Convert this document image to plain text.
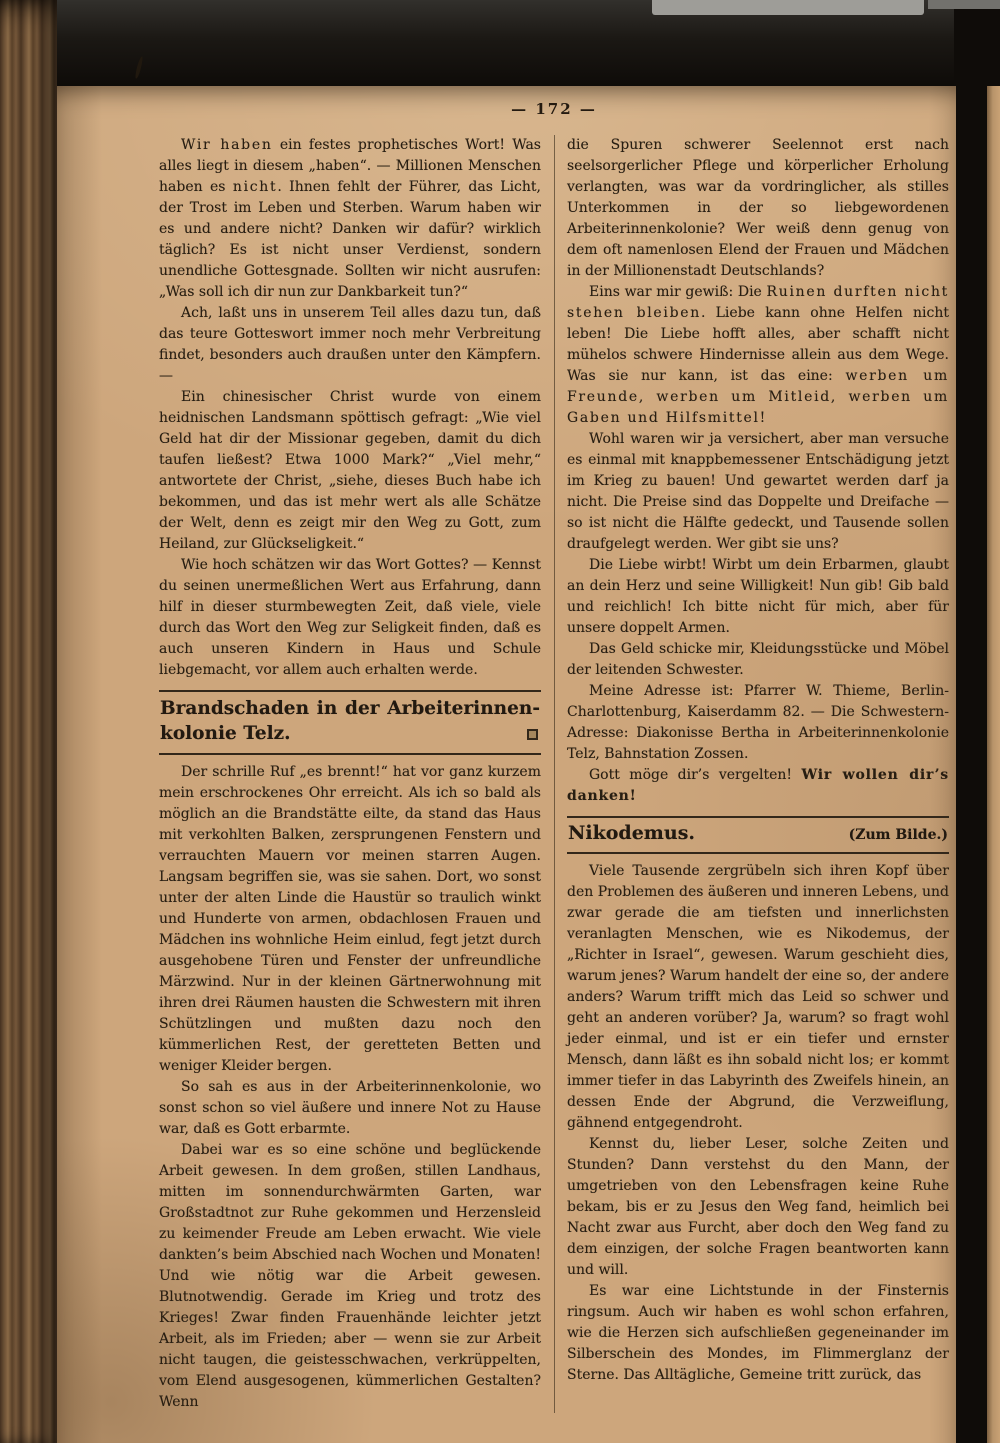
— 172 —

Wir haben ein festes prophetisches Wort! Was alles liegt in diesem „haben“. — Millionen Menschen haben es nicht. Ihnen fehlt der Führer, das Licht, der Trost im Leben und Sterben. Warum haben wir es und andere nicht? Danken wir dafür? wirklich täglich? Es ist nicht unser Verdienst, sondern unendliche Gottesgnade. Sollten wir nicht ausrufen: „Was soll ich dir nun zur Dankbarkeit tun?“

Ach, laßt uns in unserem Teil alles dazu tun, daß das teure Gotteswort immer noch mehr Verbreitung findet, besonders auch draußen unter den Kämpfern. —

Ein chinesischer Christ wurde von einem heidnischen Landsmann spöttisch gefragt: „Wie viel Geld hat dir der Missionar gegeben, damit du dich taufen ließest? Etwa 1000 Mark?“ „Viel mehr,“ antwortete der Christ, „siehe, dieses Buch habe ich bekommen, und das ist mehr wert als alle Schätze der Welt, denn es zeigt mir den Weg zu Gott, zum Heiland, zur Glückseligkeit.“

Wie hoch schätzen wir das Wort Gottes? — Kennst du seinen unermeßlichen Wert aus Erfahrung, dann hilf in dieser sturmbewegten Zeit, daß viele, viele durch das Wort den Weg zur Seligkeit finden, daß es auch unseren Kindern in Haus und Schule liebgemacht, vor allem auch erhalten werde.

Brandschaden in der Arbeiterinnen-
kolonie Telz.

Der schrille Ruf „es brennt!“ hat vor ganz kurzem mein erschrockenes Ohr erreicht. Als ich so bald als möglich an die Brandstätte eilte, da stand das Haus mit verkohlten Balken, zersprungenen Fenstern und verrauchten Mauern vor meinen starren Augen. Langsam begriffen sie, was sie sahen. Dort, wo sonst unter der alten Linde die Haustür so traulich winkt und Hunderte von armen, obdachlosen Frauen und Mädchen ins wohnliche Heim einlud, fegt jetzt durch ausgehobene Türen und Fenster der unfreundliche Märzwind. Nur in der kleinen Gärtnerwohnung mit ihren drei Räumen hausten die Schwestern mit ihren Schützlingen und mußten dazu noch den kümmerlichen Rest, der geretteten Betten und weniger Kleider bergen.

So sah es aus in der Arbeiterinnenkolonie, wo sonst schon so viel äußere und innere Not zu Hause war, daß es Gott erbarmte.

Dabei war es so eine schöne und beglückende Arbeit gewesen. In dem großen, stillen Landhaus, mitten im sonnendurchwärmten Garten, war Großstadtnot zur Ruhe gekommen und Herzensleid zu keimender Freude am Leben erwacht. Wie viele dankten’s beim Abschied nach Wochen und Monaten! Und wie nötig war die Arbeit gewesen. Blutnotwendig. Gerade im Krieg und trotz des Krieges! Zwar finden Frauenhände leichter jetzt Arbeit, als im Frieden; aber — wenn sie zur Arbeit nicht taugen, die geistesschwachen, verkrüppelten, vom Elend ausgesogenen, kümmerlichen Gestalten? Wenn

die Spuren schwerer Seelennot erst nach seelsorgerlicher Pflege und körperlicher Erholung verlangten, was war da vordringlicher, als stilles Unterkommen in der so liebgewordenen Arbeiterinnenkolonie? Wer weiß denn genug von dem oft namenlosen Elend der Frauen und Mädchen in der Millionenstadt Deutschlands?

Eins war mir gewiß: Die Ruinen durften nicht stehen bleiben. Liebe kann ohne Helfen nicht leben! Die Liebe hofft alles, aber schafft nicht mühelos schwere Hindernisse allein aus dem Wege. Was sie nur kann, ist das eine: werben um Freunde, werben um Mitleid, werben um Gaben und Hilfsmittel!

Wohl waren wir ja versichert, aber man versuche es einmal mit knappbemessener Entschädigung jetzt im Krieg zu bauen! Und gewartet werden darf ja nicht. Die Preise sind das Doppelte und Dreifache — so ist nicht die Hälfte gedeckt, und Tausende sollen draufgelegt werden. Wer gibt sie uns?

Die Liebe wirbt! Wirbt um dein Erbarmen, glaubt an dein Herz und seine Willigkeit! Nun gib! Gib bald und reichlich! Ich bitte nicht für mich, aber für unsere doppelt Armen.

Das Geld schicke mir, Kleidungsstücke und Möbel der leitenden Schwester.

Meine Adresse ist: Pfarrer W. Thieme, Berlin-Charlottenburg, Kaiserdamm 82. — Die Schwestern-Adresse: Diakonisse Bertha in Arbeiterinnenkolonie Telz, Bahnstation Zossen.

Gott möge dir’s vergelten! Wir wollen dir’s danken!

Nikodemus.	(Zum Bilde.)

Viele Tausende zergrübeln sich ihren Kopf über den Problemen des äußeren und inneren Lebens, und zwar gerade die am tiefsten und innerlichsten veranlagten Menschen, wie es Nikodemus, der „Richter in Israel“, gewesen. Warum geschieht dies, warum jenes? Warum handelt der eine so, der andere anders? Warum trifft mich das Leid so schwer und geht an anderen vorüber? Ja, warum? so fragt wohl jeder einmal, und ist er ein tiefer und ernster Mensch, dann läßt es ihn sobald nicht los; er kommt immer tiefer in das Labyrinth des Zweifels hinein, an dessen Ende der Abgrund, die Verzweiflung, gähnend entgegendroht.

Kennst du, lieber Leser, solche Zeiten und Stunden? Dann verstehst du den Mann, der umgetrieben von den Lebensfragen keine Ruhe bekam, bis er zu Jesus den Weg fand, heimlich bei Nacht zwar aus Furcht, aber doch den Weg fand zu dem einzigen, der solche Fragen beantworten kann und will.

Es war eine Lichtstunde in der Finsternis ringsum. Auch wir haben es wohl schon erfahren, wie die Herzen sich aufschließen gegeneinander im Silberschein des Mondes, im Flimmerglanz der Sterne. Das Alltägliche, Gemeine tritt zurück, das
